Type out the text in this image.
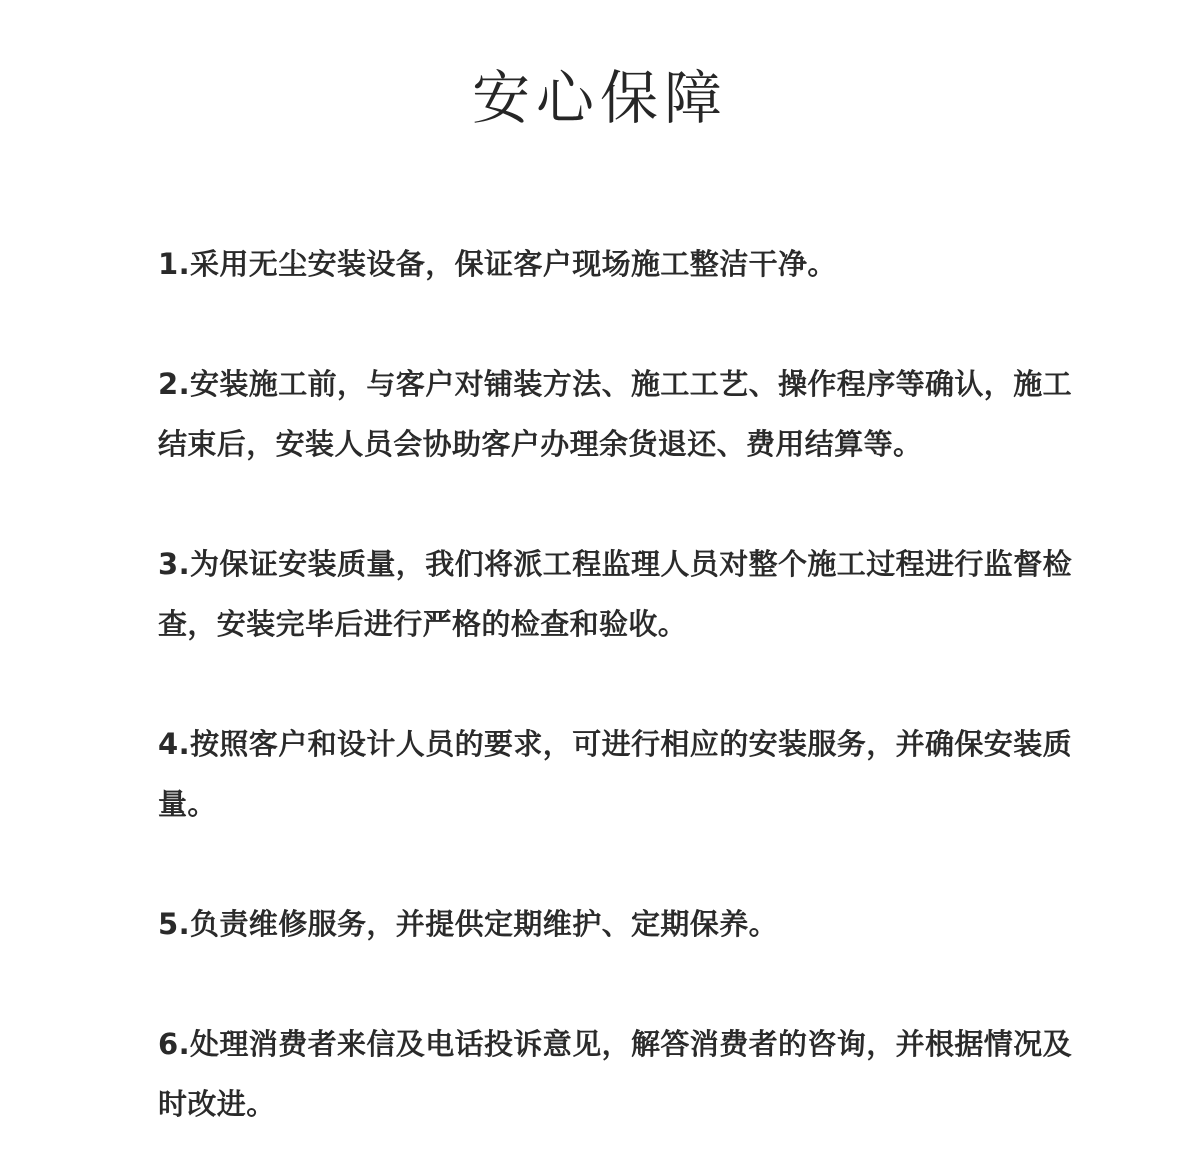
安心保障
1.采用无尘安装设备，保证客户现场施工整洁干净。
2.安装施工前，与客户对铺装方法、施工工艺、操作程序等确认，施工结束后，安装人员会协助客户办理余货退还、费用结算等。
3.为保证安装质量，我们将派工程监理人员对整个施工过程进行监督检查，安装完毕后进行严格的检查和验收。
4.按照客户和设计人员的要求，可进行相应的安装服务，并确保安装质量。
5.负责维修服务，并提供定期维护、定期保养。
6.处理消费者来信及电话投诉意见，解答消费者的咨询，并根据情况及时改进。
